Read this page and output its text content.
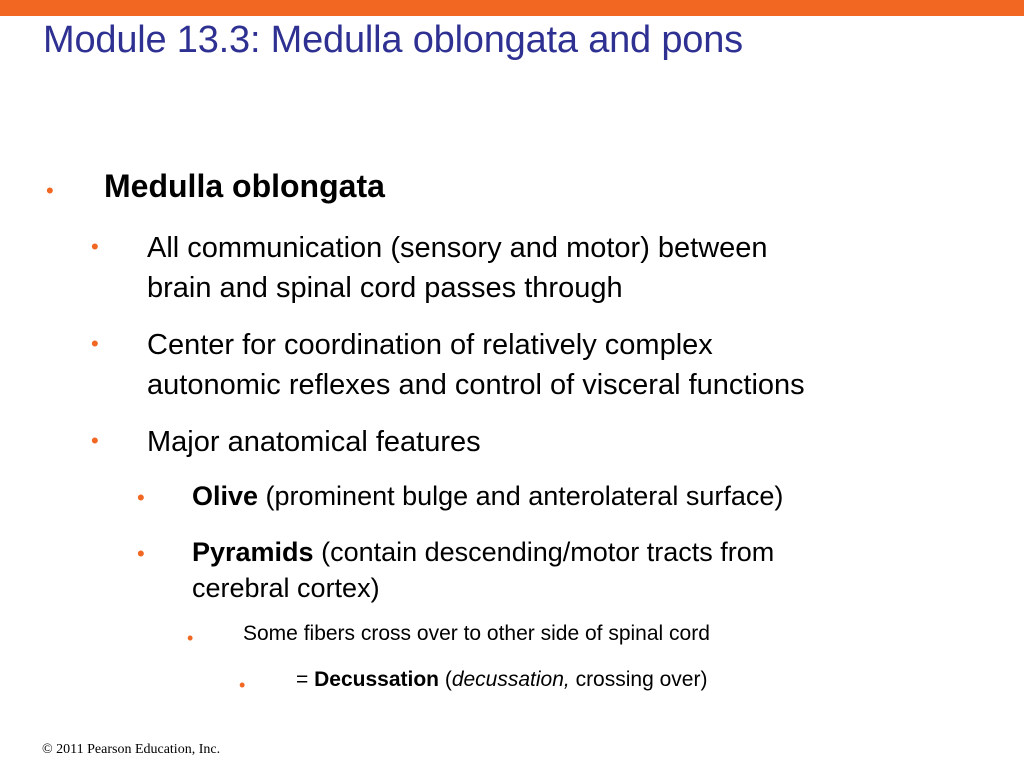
Module 13.3: Medulla oblongata and pons
• Medulla oblongata
• All communication (sensory and motor) between
brain and spinal cord passes through
• Center for coordination of relatively complex
autonomic reflexes and control of visceral functions
• Major anatomical features
• Olive (prominent bulge and anterolateral surface)
• Pyramids (contain descending/motor tracts from
cerebral cortex)
• Some fibers cross over to other side of spinal cord
• = Decussation (decussation, crossing over)
© 2011 Pearson Education, Inc.
